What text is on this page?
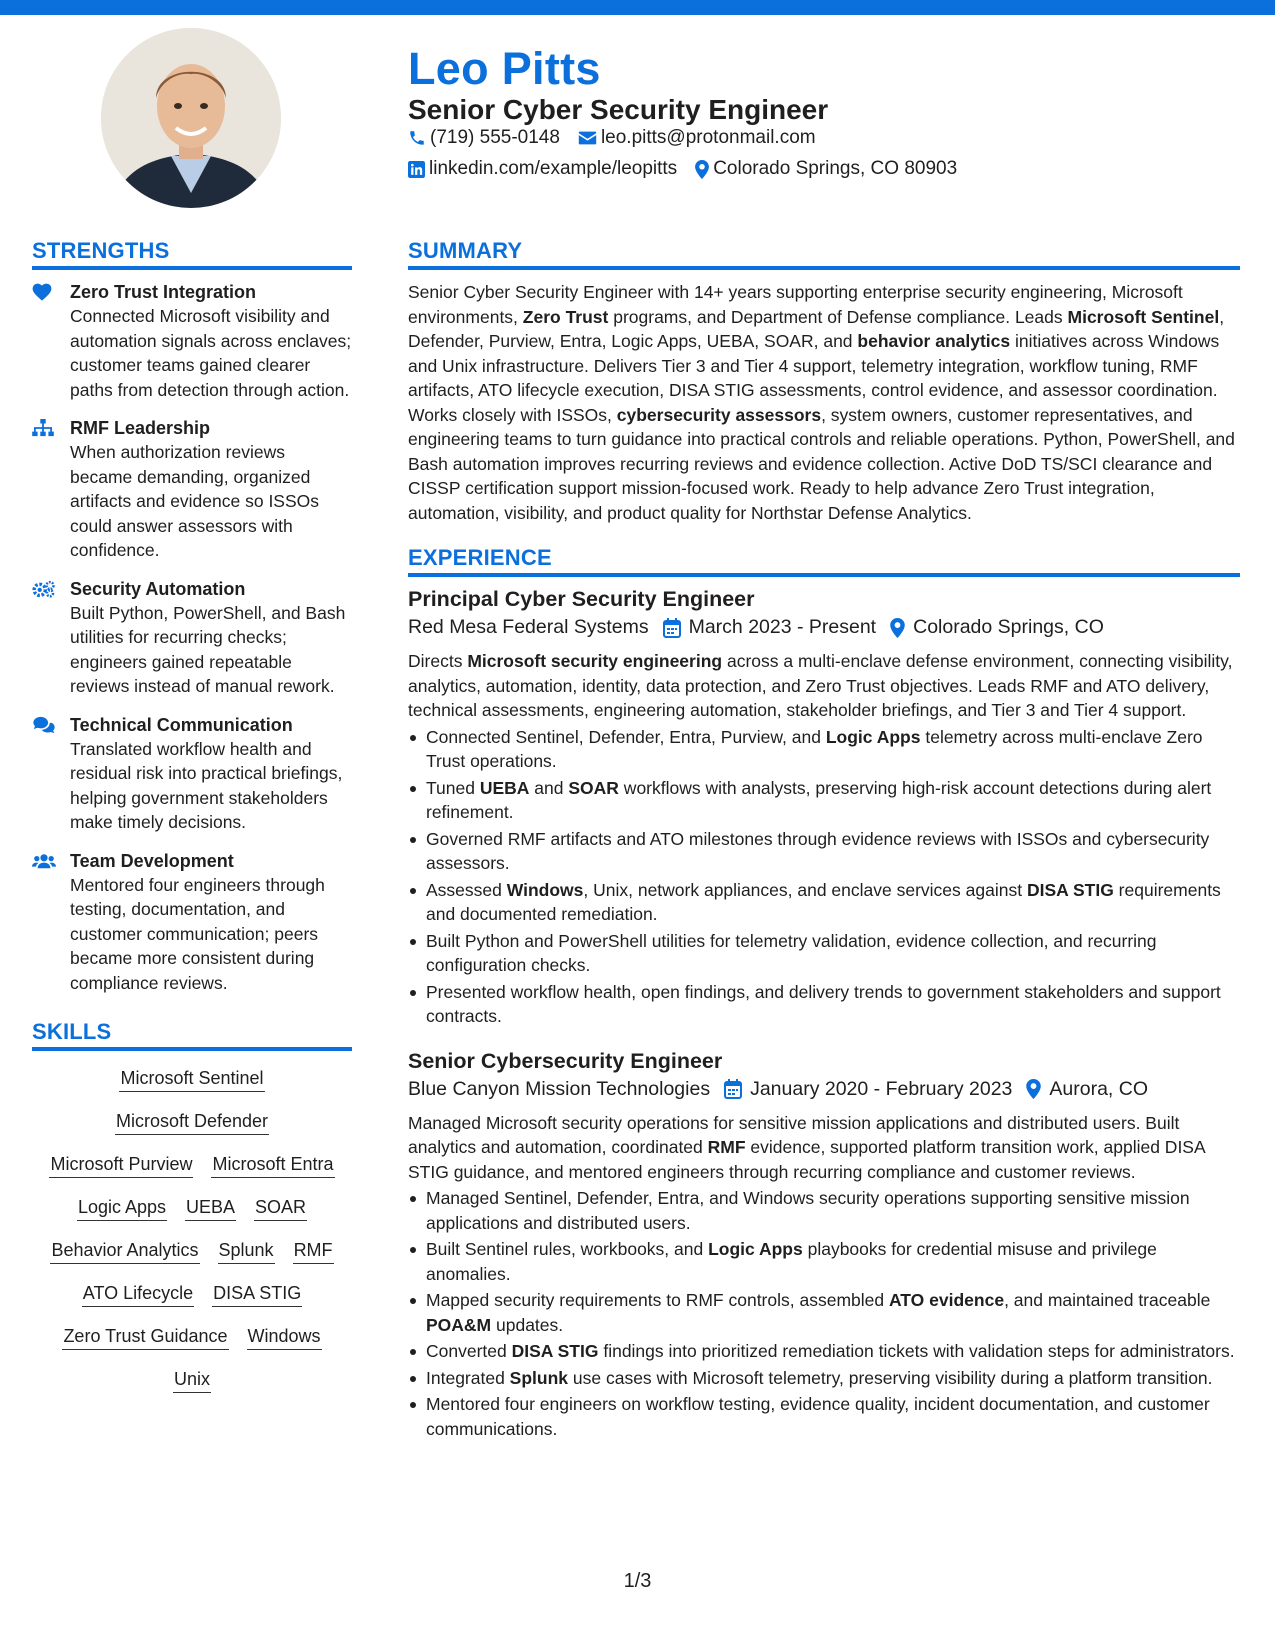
Leo Pitts
Senior Cyber Security Engineer
(719) 555-0148 leo.pitts@protonmail.com
linkedin.com/example/leopitts Colorado Springs, CO 80903
STRENGTHS
Zero Trust Integration
Connected Microsoft visibility and automation signals across enclaves; customer teams gained clearer paths from detection through action.
RMF Leadership
When authorization reviews became demanding, organized artifacts and evidence so ISSOs could answer assessors with confidence.
Security Automation
Built Python, PowerShell, and Bash utilities for recurring checks; engineers gained repeatable reviews instead of manual rework.
Technical Communication
Translated workflow health and residual risk into practical briefings, helping government stakeholders make timely decisions.
Team Development
Mentored four engineers through testing, documentation, and customer communication; peers became more consistent during compliance reviews.
SKILLS
Microsoft Sentinel
Microsoft Defender
Microsoft Purview Microsoft Entra
Logic Apps UEBA SOAR
Behavior Analytics Splunk RMF
ATO Lifecycle DISA STIG
Zero Trust Guidance Windows
Unix
SUMMARY

Senior Cyber Security Engineer with 14+ years supporting enterprise security engineering, Microsoft environments, Zero Trust programs, and Department of Defense compliance. Leads Microsoft Sentinel, Defender, Purview, Entra, Logic Apps, UEBA, SOAR, and behavior analytics initiatives across Windows and Unix infrastructure. Delivers Tier 3 and Tier 4 support, telemetry integration, workflow tuning, RMF artifacts, ATO lifecycle execution, DISA STIG assessments, control evidence, and assessor coordination. Works closely with ISSOs, cybersecurity assessors, system owners, customer representatives, and engineering teams to turn guidance into practical controls and reliable operations. Python, PowerShell, and Bash automation improves recurring reviews and evidence collection. Active DoD TS/SCI clearance and CISSP certification support mission-focused work. Ready to help advance Zero Trust integration, automation, visibility, and product quality for Northstar Defense Analytics.

EXPERIENCE
Principal Cyber Security Engineer
Red Mesa Federal Systems March 2023 - Present Colorado Springs, CO

Directs Microsoft security engineering across a multi-enclave defense environment, connecting visibility, analytics, automation, identity, data protection, and Zero Trust objectives. Leads RMF and ATO delivery, technical assessments, engineering automation, stakeholder briefings, and Tier 3 and Tier 4 support.

Connected Sentinel, Defender, Entra, Purview, and Logic Apps telemetry across multi-enclave Zero Trust operations.
Tuned UEBA and SOAR workflows with analysts, preserving high-risk account detections during alert refinement.
Governed RMF artifacts and ATO milestones through evidence reviews with ISSOs and cybersecurity assessors.
Assessed Windows, Unix, network appliances, and enclave services against DISA STIG requirements and documented remediation.
Built Python and PowerShell utilities for telemetry validation, evidence collection, and recurring configuration checks.
Presented workflow health, open findings, and delivery trends to government stakeholders and support contracts.
Senior Cybersecurity Engineer
Blue Canyon Mission Technologies January 2020 - February 2023 Aurora, CO

Managed Microsoft security operations for sensitive mission applications and distributed users. Built analytics and automation, coordinated RMF evidence, supported platform transition work, applied DISA STIG guidance, and mentored engineers through recurring compliance and customer reviews.

Managed Sentinel, Defender, Entra, and Windows security operations supporting sensitive mission applications and distributed users.
Built Sentinel rules, workbooks, and Logic Apps playbooks for credential misuse and privilege anomalies.
Mapped security requirements to RMF controls, assembled ATO evidence, and maintained traceable POA&M updates.
Converted DISA STIG findings into prioritized remediation tickets with validation steps for administrators.
Integrated Splunk use cases with Microsoft telemetry, preserving visibility during a platform transition.
Mentored four engineers on workflow testing, evidence quality, incident documentation, and customer communications.
1/3
